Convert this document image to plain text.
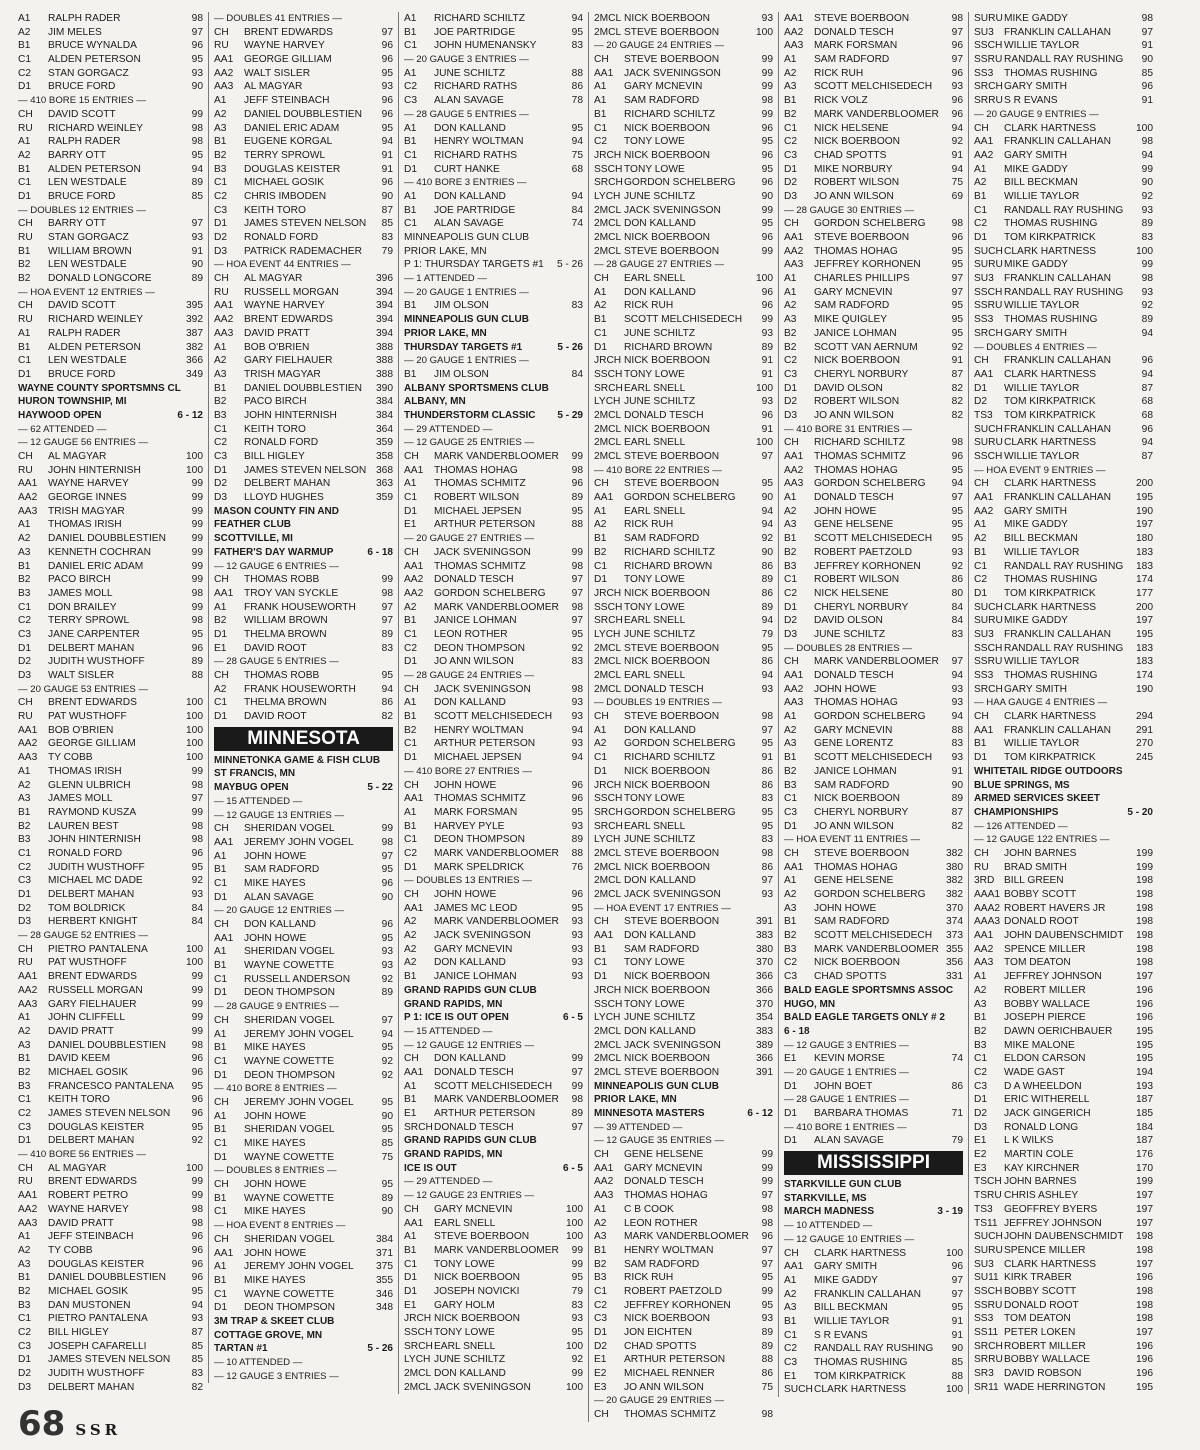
A1	RALPH RADER	98
A2	JIM MELES	97
B1	BRUCE WYNALDA	96
C1	ALDEN PETERSON	95
C2	STAN GORGACZ	93
D1	BRUCE FORD	90
— 410 BORE 15 ENTRIES —
CH	DAVID SCOTT	99
RU	RICHARD WEINLEY	98
A1	RALPH RADER	98
A2	BARRY OTT	95
B1	ALDEN PETERSON	94
C1	LEN WESTDALE	89
D1	BRUCE FORD	85
— DOUBLES 12 ENTRIES —
CH	BARRY OTT	97
RU	STAN GORGACZ	93
B1	WILLIAM BROWN	91
B2	LEN WESTDALE	90
B2	DONALD LONGCORE	89
— HOA EVENT 12 ENTRIES —
CH	DAVID SCOTT	395
RU	RICHARD WEINLEY	392
A1	RALPH RADER	387
B1	ALDEN PETERSON	382
C1	LEN WESTDALE	366
D1	BRUCE FORD	349
WAYNE COUNTY SPORTSMNS CL
HURON TOWNSHIP, MI
HAYWOOD OPEN	6 - 12
— 62 ATTENDED —
— 12 GAUGE 56 ENTRIES —
CH	AL MAGYAR	100
RU	JOHN HINTERNISH	100
AA1	WAYNE HARVEY	99
AA2	GEORGE INNES	99
AA3	TRISH MAGYAR	99
A1	THOMAS IRISH	99
A2	DANIEL DOUBBLESTIEN	99
A3	KENNETH COCHRAN	99
B1	DANIEL ERIC ADAM	99
B2	PACO BIRCH	99
B3	JAMES MOLL	98
C1	DON BRAILEY	99
C2	TERRY SPROWL	98
C3	JANE CARPENTER	95
D1	DELBERT MAHAN	96
D2	JUDITH WUSTHOFF	89
D3	WALT SISLER	88
— 20 GAUGE 53 ENTRIES —
CH	BRENT EDWARDS	100
RU	PAT WUSTHOFF	100
AA1	BOB O'BRIEN	100
AA2	GEORGE GILLIAM	100
AA3	TY COBB	100
A1	THOMAS IRISH	99
A2	GLENN ULBRICH	98
A3	JAMES MOLL	97
B1	RAYMOND KUSZA	99
B2	LAUREN BEST	98
B3	JOHN HINTERNISH	98
C1	RONALD FORD	96
C2	JUDITH WUSTHOFF	95
C3	MICHAEL MC DADE	92
D1	DELBERT MAHAN	93
D2	TOM BOLDRICK	84
D3	HERBERT KNIGHT	84
— 28 GAUGE 52 ENTRIES —
CH	PIETRO PANTALENA	100
RU	PAT WUSTHOFF	100
AA1	BRENT EDWARDS	99
AA2	RUSSELL MORGAN	99
AA3	GARY FIELHAUER	99
A1	JOHN CLIFFELL	99
A2	DAVID PRATT	99
A3	DANIEL DOUBBLESTIEN	98
B1	DAVID KEEM	96
B2	MICHAEL GOSIK	96
B3	FRANCESCO PANTALENA	95
C1	KEITH TORO	96
C2	JAMES STEVEN NELSON	96
C3	DOUGLAS KEISTER	95
D1	DELBERT MAHAN	92
— 410 BORE 56 ENTRIES —
CH	AL MAGYAR	100
RU	BRENT EDWARDS	99
AA1	ROBERT PETRO	99
AA2	WAYNE HARVEY	98
AA3	DAVID PRATT	98
A1	JEFF STEINBACH	96
A2	TY COBB	96
A3	DOUGLAS KEISTER	96
B1	DANIEL DOUBBLESTIEN	96
B2	MICHAEL GOSIK	95
B3	DAN MUSTONEN	94
C1	PIETRO PANTALENA	93
C2	BILL HIGLEY	87
C3	JOSEPH CAFARELLI	85
D1	JAMES STEVEN NELSON	85
D2	JUDITH WUSTHOFF	83
D3	DELBERT MAHAN	82
— DOUBLES 41 ENTRIES —
CH	BRENT EDWARDS	97
RU	WAYNE HARVEY	96
AA1	GEORGE GILLIAM	96
AA2	WALT SISLER	95
AA3	AL MAGYAR	93
A1	JEFF STEINBACH	96
A2	DANIEL DOUBBLESTIEN	96
A3	DANIEL ERIC ADAM	95
B1	EUGENE KORGAL	94
B2	TERRY SPROWL	91
B3	DOUGLAS KEISTER	91
C1	MICHAEL GOSIK	96
C2	CHRIS IMBODEN	90
C3	KEITH TORO	87
D1	JAMES STEVEN NELSON	85
D2	RONALD FORD	83
D3	PATRICK RADEMACHER	79
— HOA EVENT 44 ENTRIES —
CH	AL MAGYAR	396
RU	RUSSELL MORGAN	394
AA1	WAYNE HARVEY	394
AA2	BRENT EDWARDS	394
AA3	DAVID PRATT	394
A1	BOB O'BRIEN	388
A2	GARY FIELHAUER	388
A3	TRISH MAGYAR	388
B1	DANIEL DOUBBLESTIEN	390
B2	PACO BIRCH	384
B3	JOHN HINTERNISH	384
C1	KEITH TORO	364
C2	RONALD FORD	359
C3	BILL HIGLEY	358
D1	JAMES STEVEN NELSON 368
D2	DELBERT MAHAN	363
D3	LLOYD HUGHES	359
MASON COUNTY FIN AND
FEATHER CLUB
SCOTTVILLE, MI
FATHER'S DAY WARMUP	6 - 18
— 12 GAUGE 6 ENTRIES —
CH	THOMAS ROBB	99
AA1	TROY VAN SYCKLE	98
A1	FRANK HOUSEWORTH	97
B2	WILLIAM BROWN	97
D1	THELMA BROWN	89
E1	DAVID ROOT	83
— 28 GAUGE 5 ENTRIES —
CH	THOMAS ROBB	95
A2	FRANK HOUSEWORTH	94
C1	THELMA BROWN	86
D1	DAVID ROOT	82
MINNESOTA
MINNETONKA GAME & FISH CLUB
ST FRANCIS, MN
MAYBUG OPEN	5 - 22
— 15 ATTENDED —
— 12 GAUGE 13 ENTRIES —
CH	SHERIDAN VOGEL	99
AA1	JEREMY JOHN VOGEL	98
A1	JOHN HOWE	97
B1	SAM RADFORD	95
C1	MIKE HAYES	96
D1	ALAN SAVAGE	90
— 20 GAUGE 12 ENTRIES —
CH	DON KALLAND	96
AA1	JOHN HOWE	95
A1	SHERIDAN VOGEL	93
B1	WAYNE COWETTE	93
C1	RUSSELL ANDERSON	92
D1	DEON THOMPSON	89
— 28 GAUGE 9 ENTRIES —
CH	SHERIDAN VOGEL	97
A1	JEREMY JOHN VOGEL	94
B1	MIKE HAYES	95
C1	WAYNE COWETTE	92
D1	DEON THOMPSON	92
— 410 BORE 8 ENTRIES —
CH	JEREMY JOHN VOGEL	95
A1	JOHN HOWE	90
B1	SHERIDAN VOGEL	95
C1	MIKE HAYES	85
D1	WAYNE COWETTE	75
— DOUBLES 8 ENTRIES —
CH	JOHN HOWE	95
B1	WAYNE COWETTE	89
C1	MIKE HAYES	90
— HOA EVENT 8 ENTRIES —
CH	SHERIDAN VOGEL	384
AA1	JOHN HOWE	371
A1	JEREMY JOHN VOGEL	375
B1	MIKE HAYES	355
C1	WAYNE COWETTE	346
D1	DEON THOMPSON	348
3M TRAP & SKEET CLUB
COTTAGE GROVE, MN
TARTAN #1	5 - 26
— 10 ATTENDED —
— 12 GAUGE 3 ENTRIES —
A1	RICHARD SCHILTZ	94
B1	JOE PARTRIDGE	95
C1	JOHN HUMENANSKY	83
— 20 GAUGE 3 ENTRIES —
A1	JUNE SCHILTZ	88
C2	RICHARD RATHS	86
C3	ALAN SAVAGE	78
— 28 GAUGE 5 ENTRIES —
A1	DON KALLAND	95
B1	HENRY WOLTMAN	94
C1	RICHARD RATHS	75
D1	CURT HANKE	68
— 410 BORE 3 ENTRIES —
A1	DON KALLAND	94
B1	JOE PARTRIDGE	84
C1	ALAN SAVAGE	74
MINNEAPOLIS GUN CLUB
PRIOR LAKE, MN
P 1: THURSDAY TARGETS #1 5 - 26
— 1 ATTENDED —
— 20 GAUGE 1 ENTRIES —
B1	JIM OLSON	83
MINNEAPOLIS GUN CLUB
PRIOR LAKE, MN
THURSDAY TARGETS #1	5 - 26
— 20 GAUGE 1 ENTRIES —
B1	JIM OLSON	84
ALBANY SPORTSMENS CLUB
ALBANY, MN
THUNDERSTORM CLASSIC 5 - 29
— 29 ATTENDED —
— 12 GAUGE 25 ENTRIES —
CH	MARK VANDERBLOOMER	99
AA1	THOMAS HOHAG	98
A1	THOMAS SCHMITZ	96
C1	ROBERT WILSON	89
D1	MICHAEL JEPSEN	95
E1	ARTHUR PETERSON	88
— 20 GAUGE 27 ENTRIES —
CH	JACK SVENINGSON	99
AA1	THOMAS SCHMITZ	98
AA2	DONALD TESCH	97
AA2	GORDON SCHELBERG	97
A2	MARK VANDERBLOOMER	98
B1	JANICE LOHMAN	97
C1	LEON ROTHER	95
C2	DEON THOMPSON	92
D1	JO ANN WILSON	83
— 28 GAUGE 24 ENTRIES —
CH	JACK SVENINGSON	98
A1	DON KALLAND	93
B1	SCOTT MELCHISEDECH	93
B2	HENRY WOLTMAN	94
C1	ARTHUR PETERSON	93
D1	MICHAEL JEPSEN	94
— 410 BORE 27 ENTRIES —
CH	JOHN HOWE	96
AA1	THOMAS SCHMITZ	96
A1	MARK FORSMAN	95
B1	HARVEY PYLE	93
C1	DEON THOMPSON	89
C2	MARK VANDERBLOOMER	88
D1	MARK SPELDRICK	76
— DOUBLES 13 ENTRIES —
CH	JOHN HOWE	96
AA1	JAMES MC LEOD	95
A2	MARK VANDERBLOOMER	93
A2	JACK SVENINGSON	93
A2	GARY MCNEVIN	93
A2	DON KALLAND	93
B1	JANICE LOHMAN	93
GRAND RAPIDS GUN CLUB
GRAND RAPIDS, MN
P 1: ICE IS OUT OPEN	6 - 5
— 15 ATTENDED —
— 12 GAUGE 12 ENTRIES —
CH	DON KALLAND	99
AA1	DONALD TESCH	97
A1	SCOTT MELCHISEDECH	99
B1	MARK VANDERBLOOMER	98
E1	ARTHUR PETERSON	89
SRCH DONALD TESCH	97
GRAND RAPIDS GUN CLUB
GRAND RAPIDS, MN
ICE IS OUT	6 - 5
— 29 ATTENDED —
— 12 GAUGE 23 ENTRIES —
CH	GARY MCNEVIN	100
AA1	EARL SNELL	100
A1	STEVE BOERBOON	100
B1	MARK VANDERBLOOMER	99
C1	TONY LOWE	99
D1	NICK BOERBOON	95
D1	JOSEPH NOVICKI	79
E1	GARY HOLM	83
JRCH NICK BOERBOON	93
SSCH TONY LOWE	95
SRCH EARL SNELL	100
LYCH JUNE SCHILTZ	92
2MCL DON KALLAND	99
2MCL JACK SVENINGSON	100
2MCL NICK BOERBOON	93
2MCL STEVE BOERBOON	100
— 20 GAUGE 24 ENTRIES —
CH	STEVE BOERBOON	99
AA1	JACK SVENINGSON	99
A1	GARY MCNEVIN	99
A1	SAM RADFORD	98
B1	RICHARD SCHILTZ	99
C1	NICK BOERBOON	96
C2	TONY LOWE	95
JRCH NICK BOERBOON	96
SSCH TONY LOWE	95
SRCH GORDON SCHELBERG	96
LYCH JUNE SCHILTZ	90
2MCL JACK SVENINGSON	99
2MCL DON KALLAND	95
2MCL NICK BOERBOON	96
2MCL STEVE BOERBOON	99
— 28 GAUGE 27 ENTRIES —
CH	EARL SNELL	100
A1	DON KALLAND	96
A2	RICK RUH	96
B1	SCOTT MELCHISEDECH	99
C1	JUNE SCHILTZ	93
D1	RICHARD BROWN	89
JRCH NICK BOERBOON	91
SSCH TONY LOWE	91
SRCH EARL SNELL	100
LYCH JUNE SCHILTZ	93
2MCL DONALD TESCH	96
2MCL NICK BOERBOON	91
2MCL EARL SNELL	100
2MCL STEVE BOERBOON	97
— 410 BORE 22 ENTRIES —
CH	STEVE BOERBOON	95
AA1	GORDON SCHELBERG	90
A1	EARL SNELL	94
A2	RICK RUH	94
B1	SAM RADFORD	92
B2	RICHARD SCHILTZ	90
C1	RICHARD BROWN	86
D1	TONY LOWE	89
JRCH NICK BOERBOON	86
SSCH TONY LOWE	89
SRCH EARL SNELL	94
LYCH JUNE SCHILTZ	79
2MCL STEVE BOERBOON	95
2MCL NICK BOERBOON	86
2MCL EARL SNELL	94
2MCL DONALD TESCH	93
— DOUBLES 19 ENTRIES —
CH	STEVE BOERBOON	98
A1	DON KALLAND	97
A2	GORDON SCHELBERG	95
C1	RICHARD SCHILTZ	91
D1	NICK BOERBOON	86
JRCH NICK BOERBOON	86
SSCH TONY LOWE	83
SRCH GORDON SCHELBERG	95
SRCH EARL SNELL	95
LYCH JUNE SCHILTZ	83
2MCL STEVE BOERBOON	98
2MCL NICK BOERBOON	86
2MCL DON KALLAND	97
2MCL JACK SVENINGSON	93
— HOA EVENT 17 ENTRIES —
CH	STEVE BOERBOON	391
AA1	DON KALLAND	383
B1	SAM RADFORD	380
C1	TONY LOWE	370
D1	NICK BOERBOON	366
JRCH NICK BOERBOON	366
SSCH TONY LOWE	370
LYCH JUNE SCHILTZ	354
2MCL DON KALLAND	383
2MCL JACK SVENINGSON	389
2MCL NICK BOERBOON	366
2MCL STEVE BOERBOON	391
MINNEAPOLIS GUN CLUB
PRIOR LAKE, MN
MINNESOTA MASTERS	6 - 12
— 39 ATTENDED —
— 12 GAUGE 35 ENTRIES —
CH	GENE HELSENE	99
AA1	GARY MCNEVIN	99
AA2	DONALD TESCH	99
AA3	THOMAS HOHAG	97
A1	C B COOK	98
A2	LEON ROTHER	98
A3	MARK VANDERBLOOMER	96
B1	HENRY WOLTMAN	97
B2	SAM RADFORD	97
B3	RICK RUH	95
C1	ROBERT PAETZOLD	99
C2	JEFFREY KORHONEN	95
C3	NICK BOERBOON	93
D1	JON EICHTEN	89
D2	CHAD SPOTTS	89
E1	ARTHUR PETERSON	88
E2	MICHAEL RENNER	86
E3	JO ANN WILSON	75
— 20 GAUGE 29 ENTRIES —
CH	THOMAS SCHMITZ	98
AA1	STEVE BOERBOON	98
AA2	DONALD TESCH	97
AA3	MARK FORSMAN	96
A1	SAM RADFORD	97
A2	RICK RUH	96
A3	SCOTT MELCHISEDECH	93
B1	RICK VOLZ	96
B2	MARK VANDERBLOOMER	96
C1	NICK HELSENE	94
C2	NICK BOERBOON	92
C3	CHAD SPOTTS	91
D1	MIKE NORBURY	94
D2	ROBERT WILSON	75
D3	JO ANN WILSON	69
— 28 GAUGE 30 ENTRIES —
CH	GORDON SCHELBERG	98
AA1	STEVE BOERBOON	96
AA2	THOMAS HOHAG	95
AA3	JEFFREY KORHONEN	95
A1	CHARLES PHILLIPS	97
A1	GARY MCNEVIN	97
A2	SAM RADFORD	95
A3	MIKE QUIGLEY	95
B2	JANICE LOHMAN	95
B2	SCOTT VAN AERNUM	92
C2	NICK BOERBOON	91
C3	CHERYL NORBURY	87
D1	DAVID OLSON	82
D2	ROBERT WILSON	82
D3	JO ANN WILSON	82
— 410 BORE 31 ENTRIES —
CH	RICHARD SCHILTZ	98
AA1	THOMAS SCHMITZ	96
AA2	THOMAS HOHAG	95
AA3	GORDON SCHELBERG	94
A1	DONALD TESCH	97
A2	JOHN HOWE	95
A3	GENE HELSENE	95
B1	SCOTT MELCHISEDECH	95
B2	ROBERT PAETZOLD	93
B3	JEFFREY KORHONEN	92
C1	ROBERT WILSON	86
C2	NICK HELSENE	80
D1	CHERYL NORBURY	84
D2	DAVID OLSON	84
D3	JUNE SCHILTZ	83
— DOUBLES 28 ENTRIES —
CH	MARK VANDERBLOOMER	97
AA1	DONALD TESCH	94
AA2	JOHN HOWE	93
AA3	THOMAS HOHAG	93
A1	GORDON SCHELBERG	94
A2	GARY MCNEVIN	88
A3	GENE LORENTZ	83
B1	SCOTT MELCHISEDECH	93
B2	JANICE LOHMAN	91
B3	SAM RADFORD	90
C1	NICK BOERBOON	89
C3	CHERYL NORBURY	87
D1	JO ANN WILSON	82
— HOA EVENT 11 ENTRIES —
CH	STEVE BOERBOON	382
AA1	THOMAS HOHAG	380
A1	GENE HELSENE	382
A2	GORDON SCHELBERG	382
A3	JOHN HOWE	370
B1	SAM RADFORD	374
B2	SCOTT MELCHISEDECH	373
B3	MARK VANDERBLOOMER 355
C2	NICK BOERBOON	356
C3	CHAD SPOTTS	331
BALD EAGLE SPORTSMNS ASSOC
HUGO, MN
BALD EAGLE TARGETS ONLY # 2
6 - 18
— 12 GAUGE 3 ENTRIES —
E1	KEVIN MORSE	74
— 20 GAUGE 1 ENTRIES —
D1	JOHN BOET	86
— 28 GAUGE 1 ENTRIES —
D1	BARBARA THOMAS	71
— 410 BORE 1 ENTRIES —
D1	ALAN SAVAGE	79
MISSISSIPPI
STARKVILLE GUN CLUB
STARKVILLE, MS
MARCH MADNESS	3 - 19
— 10 ATTENDED —
— 12 GAUGE 10 ENTRIES —
CH	CLARK HARTNESS	100
AA1	GARY SMITH	96
A1	MIKE GADDY	97
A2	FRANKLIN CALLAHAN	97
A3	BILL BECKMAN	95
B1	WILLIE TAYLOR	91
C1	S R EVANS	91
C2	RANDALL RAY RUSHING	90
C3	THOMAS RUSHING	85
E1	TOM KIRKPATRICK	88
SUCH CLARK HARTNESS	100
SURU MIKE GADDY	98
SU3 FRANKLIN CALLAHAN	97
SSCH WILLIE TAYLOR	91
SSRU RANDALL RAY RUSHING	90
SS3	THOMAS RUSHING	85
SRCH GARY SMITH	96
SRRU S R EVANS	91
— 20 GAUGE 9 ENTRIES —
CH	CLARK HARTNESS	100
AA1	FRANKLIN CALLAHAN	98
AA2	GARY SMITH	94
A1	MIKE GADDY	99
A2	BILL BECKMAN	90
B1	WILLIE TAYLOR	92
C1	RANDALL RAY RUSHING	93
C2	THOMAS RUSHING	89
D1	TOM KIRKPATRICK	83
SUCH CLARK HARTNESS	100
SURU MIKE GADDY	99
SU3 FRANKLIN CALLAHAN	98
SSCH RANDALL RAY RUSHING	93
SSRU WILLIE TAYLOR	92
SS3	THOMAS RUSHING	89
SRCH GARY SMITH	94
— DOUBLES 4 ENTRIES —
CH	FRANKLIN CALLAHAN	96
AA1	CLARK HARTNESS	94
D1	WILLIE TAYLOR	87
D2	TOM KIRKPATRICK	68
TS3	TOM KIRKPATRICK	68
SUCH FRANKLIN CALLAHAN	96
SURU CLARK HARTNESS	94
SSCH WILLIE TAYLOR	87
— HOA EVENT 9 ENTRIES —
CH	CLARK HARTNESS	200
AA1	FRANKLIN CALLAHAN	195
AA2	GARY SMITH	190
A1	MIKE GADDY	197
A2	BILL BECKMAN	180
B1	WILLIE TAYLOR	183
C1	RANDALL RAY RUSHING	183
C2	THOMAS RUSHING	174
D1	TOM KIRKPATRICK	177
SUCH CLARK HARTNESS	200
SURU MIKE GADDY	197
SU3 FRANKLIN CALLAHAN	195
SSCH RANDALL RAY RUSHING	183
SSRU WILLIE TAYLOR	183
SS3	THOMAS RUSHING	174
SRCH GARY SMITH	190
— HAA GAUGE 4 ENTRIES —
CH	CLARK HARTNESS	294
AA1	FRANKLIN CALLAHAN	291
B1	WILLIE TAYLOR	270
D1	TOM KIRKPATRICK	245
WHITETAIL RIDGE OUTDOORS
BLUE SPRINGS, MS
ARMED SERVICES SKEET
CHAMPIONSHIPS	5 - 20
— 126 ATTENDED —
— 12 GAUGE 122 ENTRIES —
CH	JOHN BARNES	199
RU	BRAD SMITH	199
3RD BILL GREEN	198
AAA1 BOBBY SCOTT	198
AAA2 ROBERT HAVERS JR	198
AAA3 DONALD ROOT	198
AA1	JOHN DAUBENSCHMIDT	198
AA2	SPENCE MILLER	198
AA3	TOM DEATON	198
A1	JEFFREY JOHNSON	197
A2	ROBERT MILLER	196
A3	BOBBY WALLACE	196
B1	JOSEPH PIERCE	196
B2	DAWN OERICHBAUER	195
B3	MIKE MALONE	195
C1	ELDON CARSON	195
C2	WADE GAST	194
C3	D A WHEELDON	193
D1	ERIC WITHERELL	187
D2	JACK GINGERICH	185
D3	RONALD LONG	184
E1	L K WILKS	187
E2	MARTIN COLE	176
E3	KAY KIRCHNER	170
TSCH JOHN BARNES	199
TSRU CHRIS ASHLEY	197
TS3	GEOFFREY BYERS	197
TS11 JEFFREY JOHNSON	197
SUCH JOHN DAUBENSCHMIDT	198
SURU SPENCE MILLER	198
SU3 CLARK HARTNESS	197
SU11 KIRK TRABER	196
SSCH BOBBY SCOTT	198
SSRU DONALD ROOT	198
SS3	TOM DEATON	198
SS11 PETER LOKEN	197
SRCH ROBERT MILLER	196
SRRU BOBBY WALLACE	196
SR3 DAVID ROBSON	196
SR11 WADE HERRINGTON	195
68 SSR
